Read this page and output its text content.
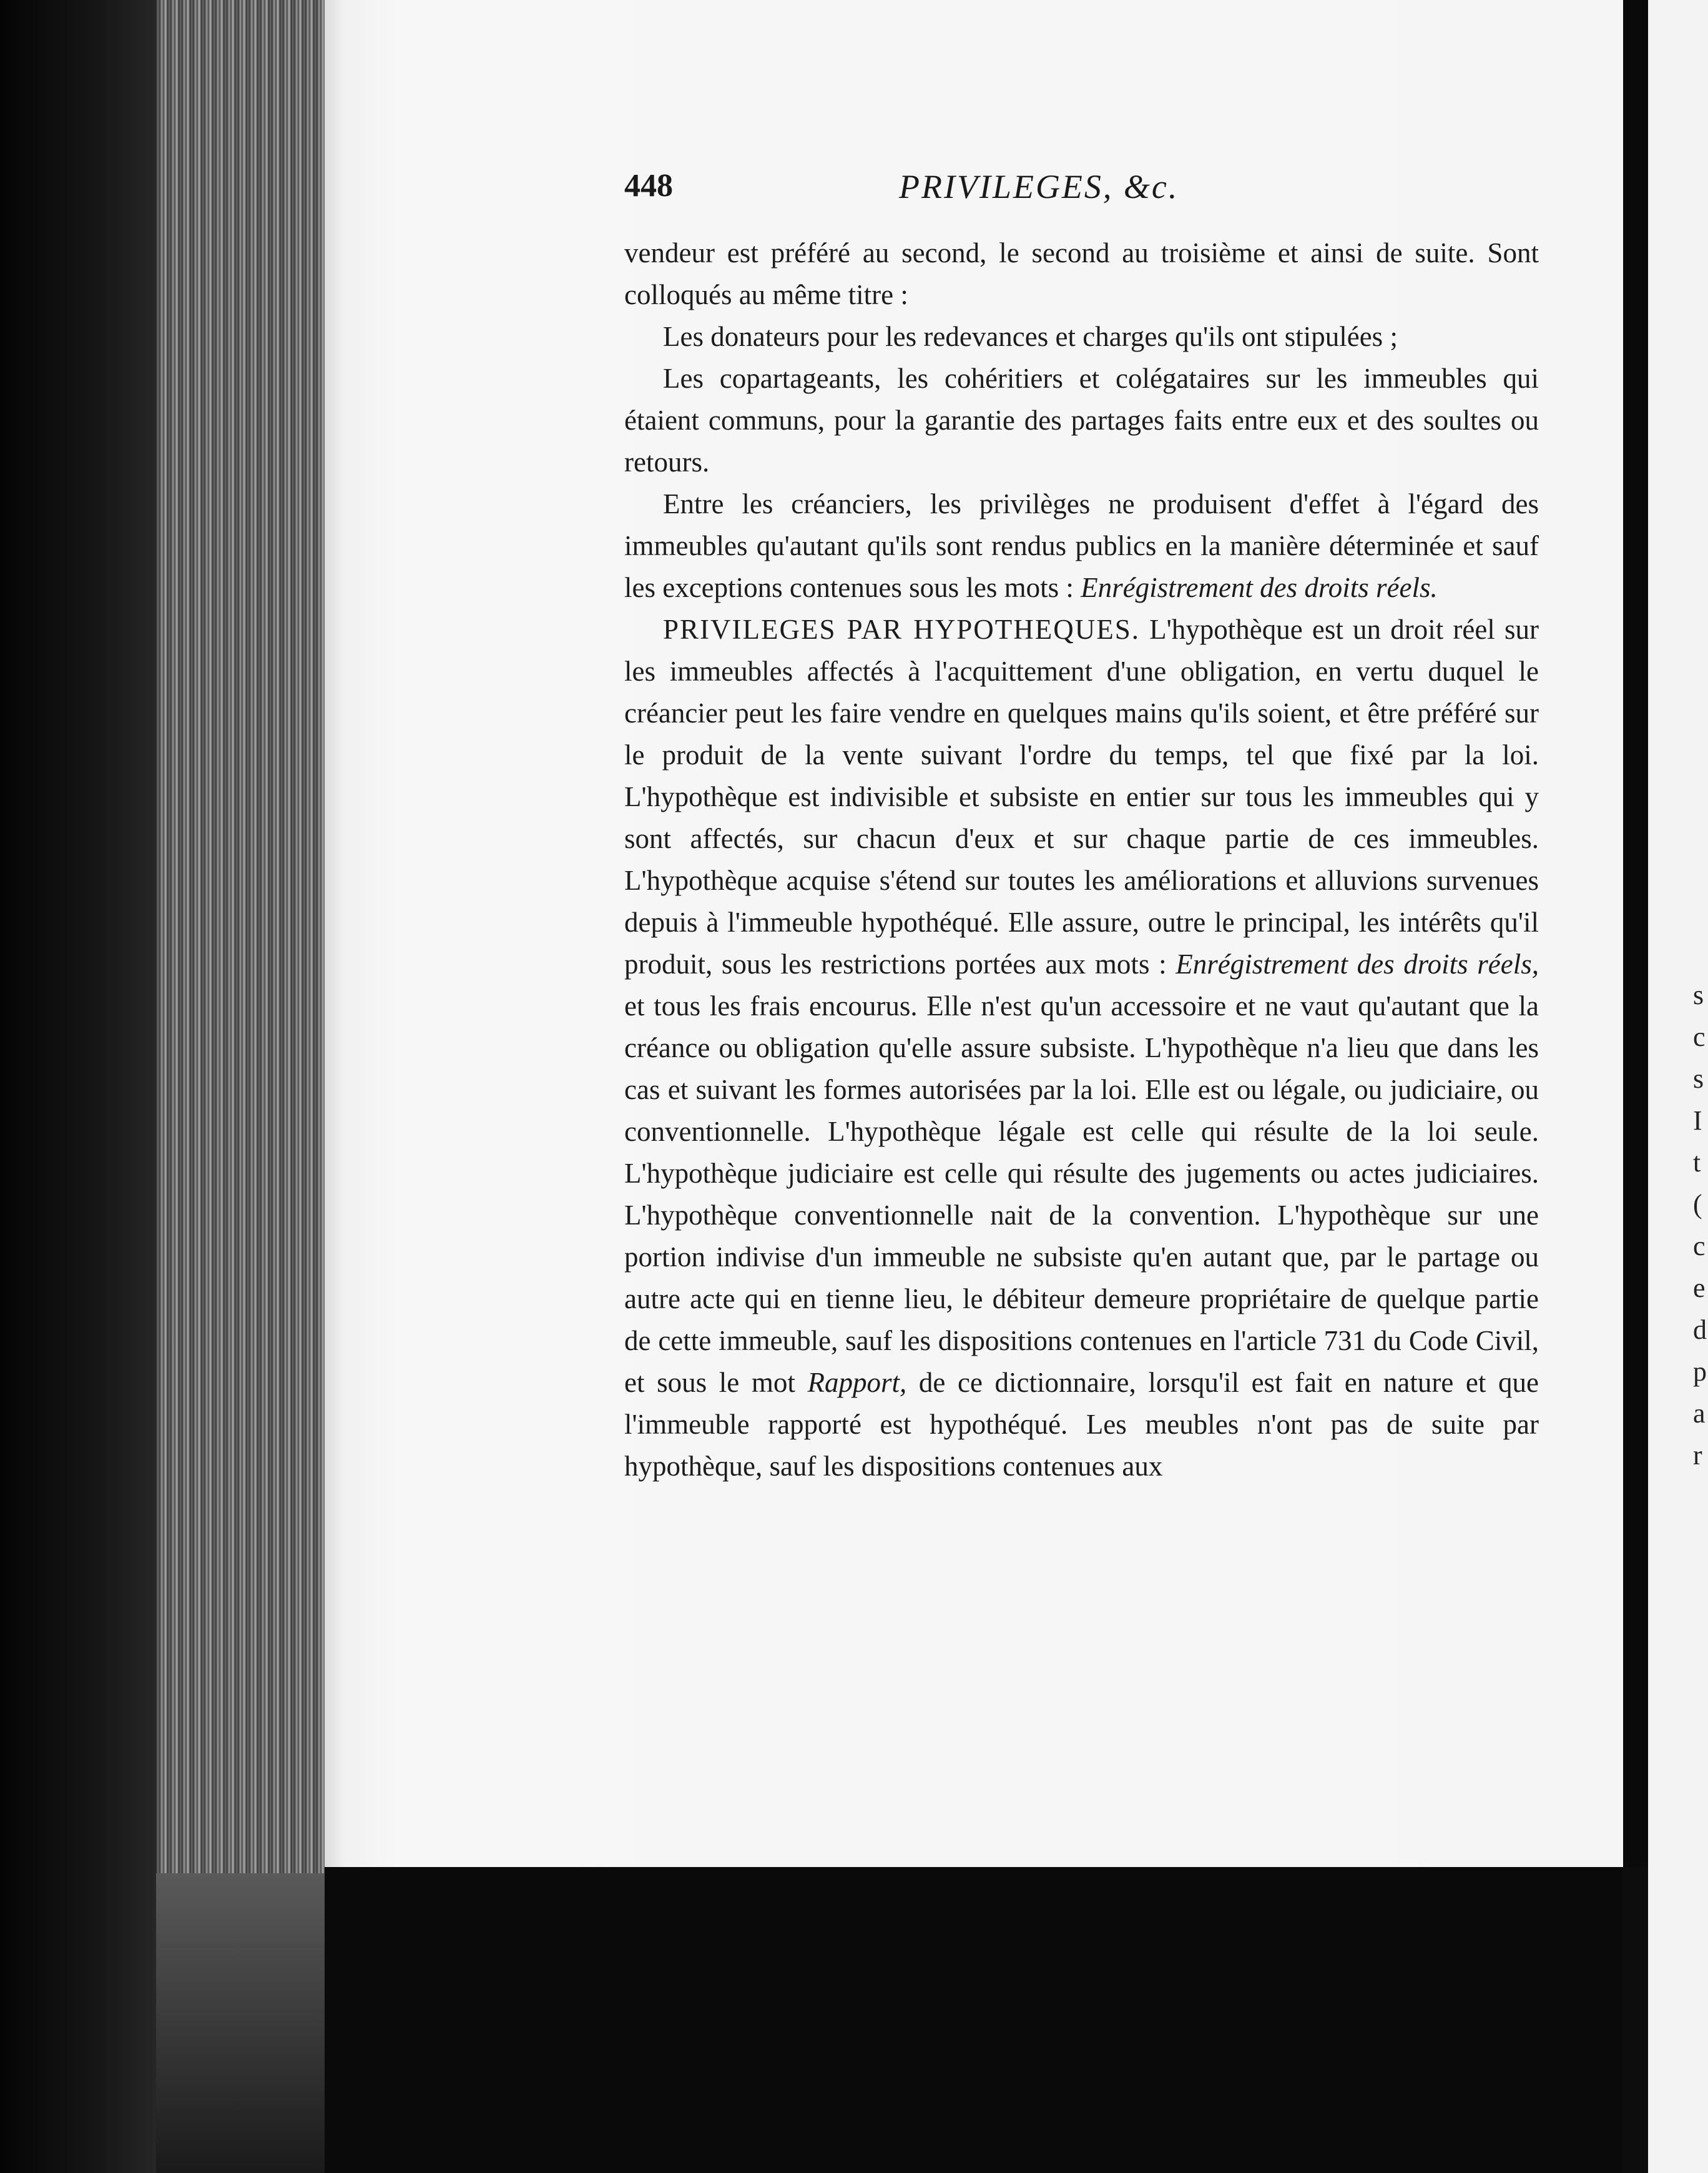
448	PRIVILEGES, &c.

vendeur est préféré au second, le second au troisième et ainsi de suite. Sont colloqués au même titre :

Les donateurs pour les redevances et charges qu'ils ont stipulées ;

Les copartageants, les cohéritiers et colégataires sur les immeubles qui étaient communs, pour la garantie des partages faits entre eux et des soultes ou retours.

Entre les créanciers, les privilèges ne produisent d'effet à l'égard des immeubles qu'autant qu'ils sont rendus publics en la manière déterminée et sauf les exceptions contenues sous les mots : Enrégistrement des droits réels.

PRIVILEGES PAR HYPOTHEQUES. L'hypothèque est un droit réel sur les immeubles affectés à l'acquittement d'une obligation, en vertu duquel le créancier peut les faire vendre en quelques mains qu'ils soient, et être préféré sur le produit de la vente suivant l'ordre du temps, tel que fixé par la loi. L'hypothèque est indivisible et subsiste en entier sur tous les immeubles qui y sont affectés, sur chacun d'eux et sur chaque partie de ces immeubles. L'hypothèque acquise s'étend sur toutes les améliorations et alluvions survenues depuis à l'immeuble hypothéqué. Elle assure, outre le principal, les intérêts qu'il produit, sous les restrictions portées aux mots : Enrégistrement des droits réels, et tous les frais encourus. Elle n'est qu'un accessoire et ne vaut qu'autant que la créance ou obligation qu'elle assure subsiste. L'hypothèque n'a lieu que dans les cas et suivant les formes autorisées par la loi. Elle est ou légale, ou judiciaire, ou conventionnelle. L'hypothèque légale est celle qui résulte de la loi seule. L'hypothèque judiciaire est celle qui résulte des jugements ou actes judiciaires. L'hypothèque conventionnelle nait de la convention. L'hypothèque sur une portion indivise d'un immeuble ne subsiste qu'en autant que, par le partage ou autre acte qui en tienne lieu, le débiteur demeure propriétaire de quelque partie de cette immeuble, sauf les dispositions contenues en l'article 731 du Code Civil, et sous le mot Rapport, de ce dictionnaire, lorsqu'il est fait en nature et que l'immeuble rapporté est hypothéqué. Les meubles n'ont pas de suite par hypothèque, sauf les dispositions contenues aux

s
c
s
I
t
(
c
e
d
p
a
r
